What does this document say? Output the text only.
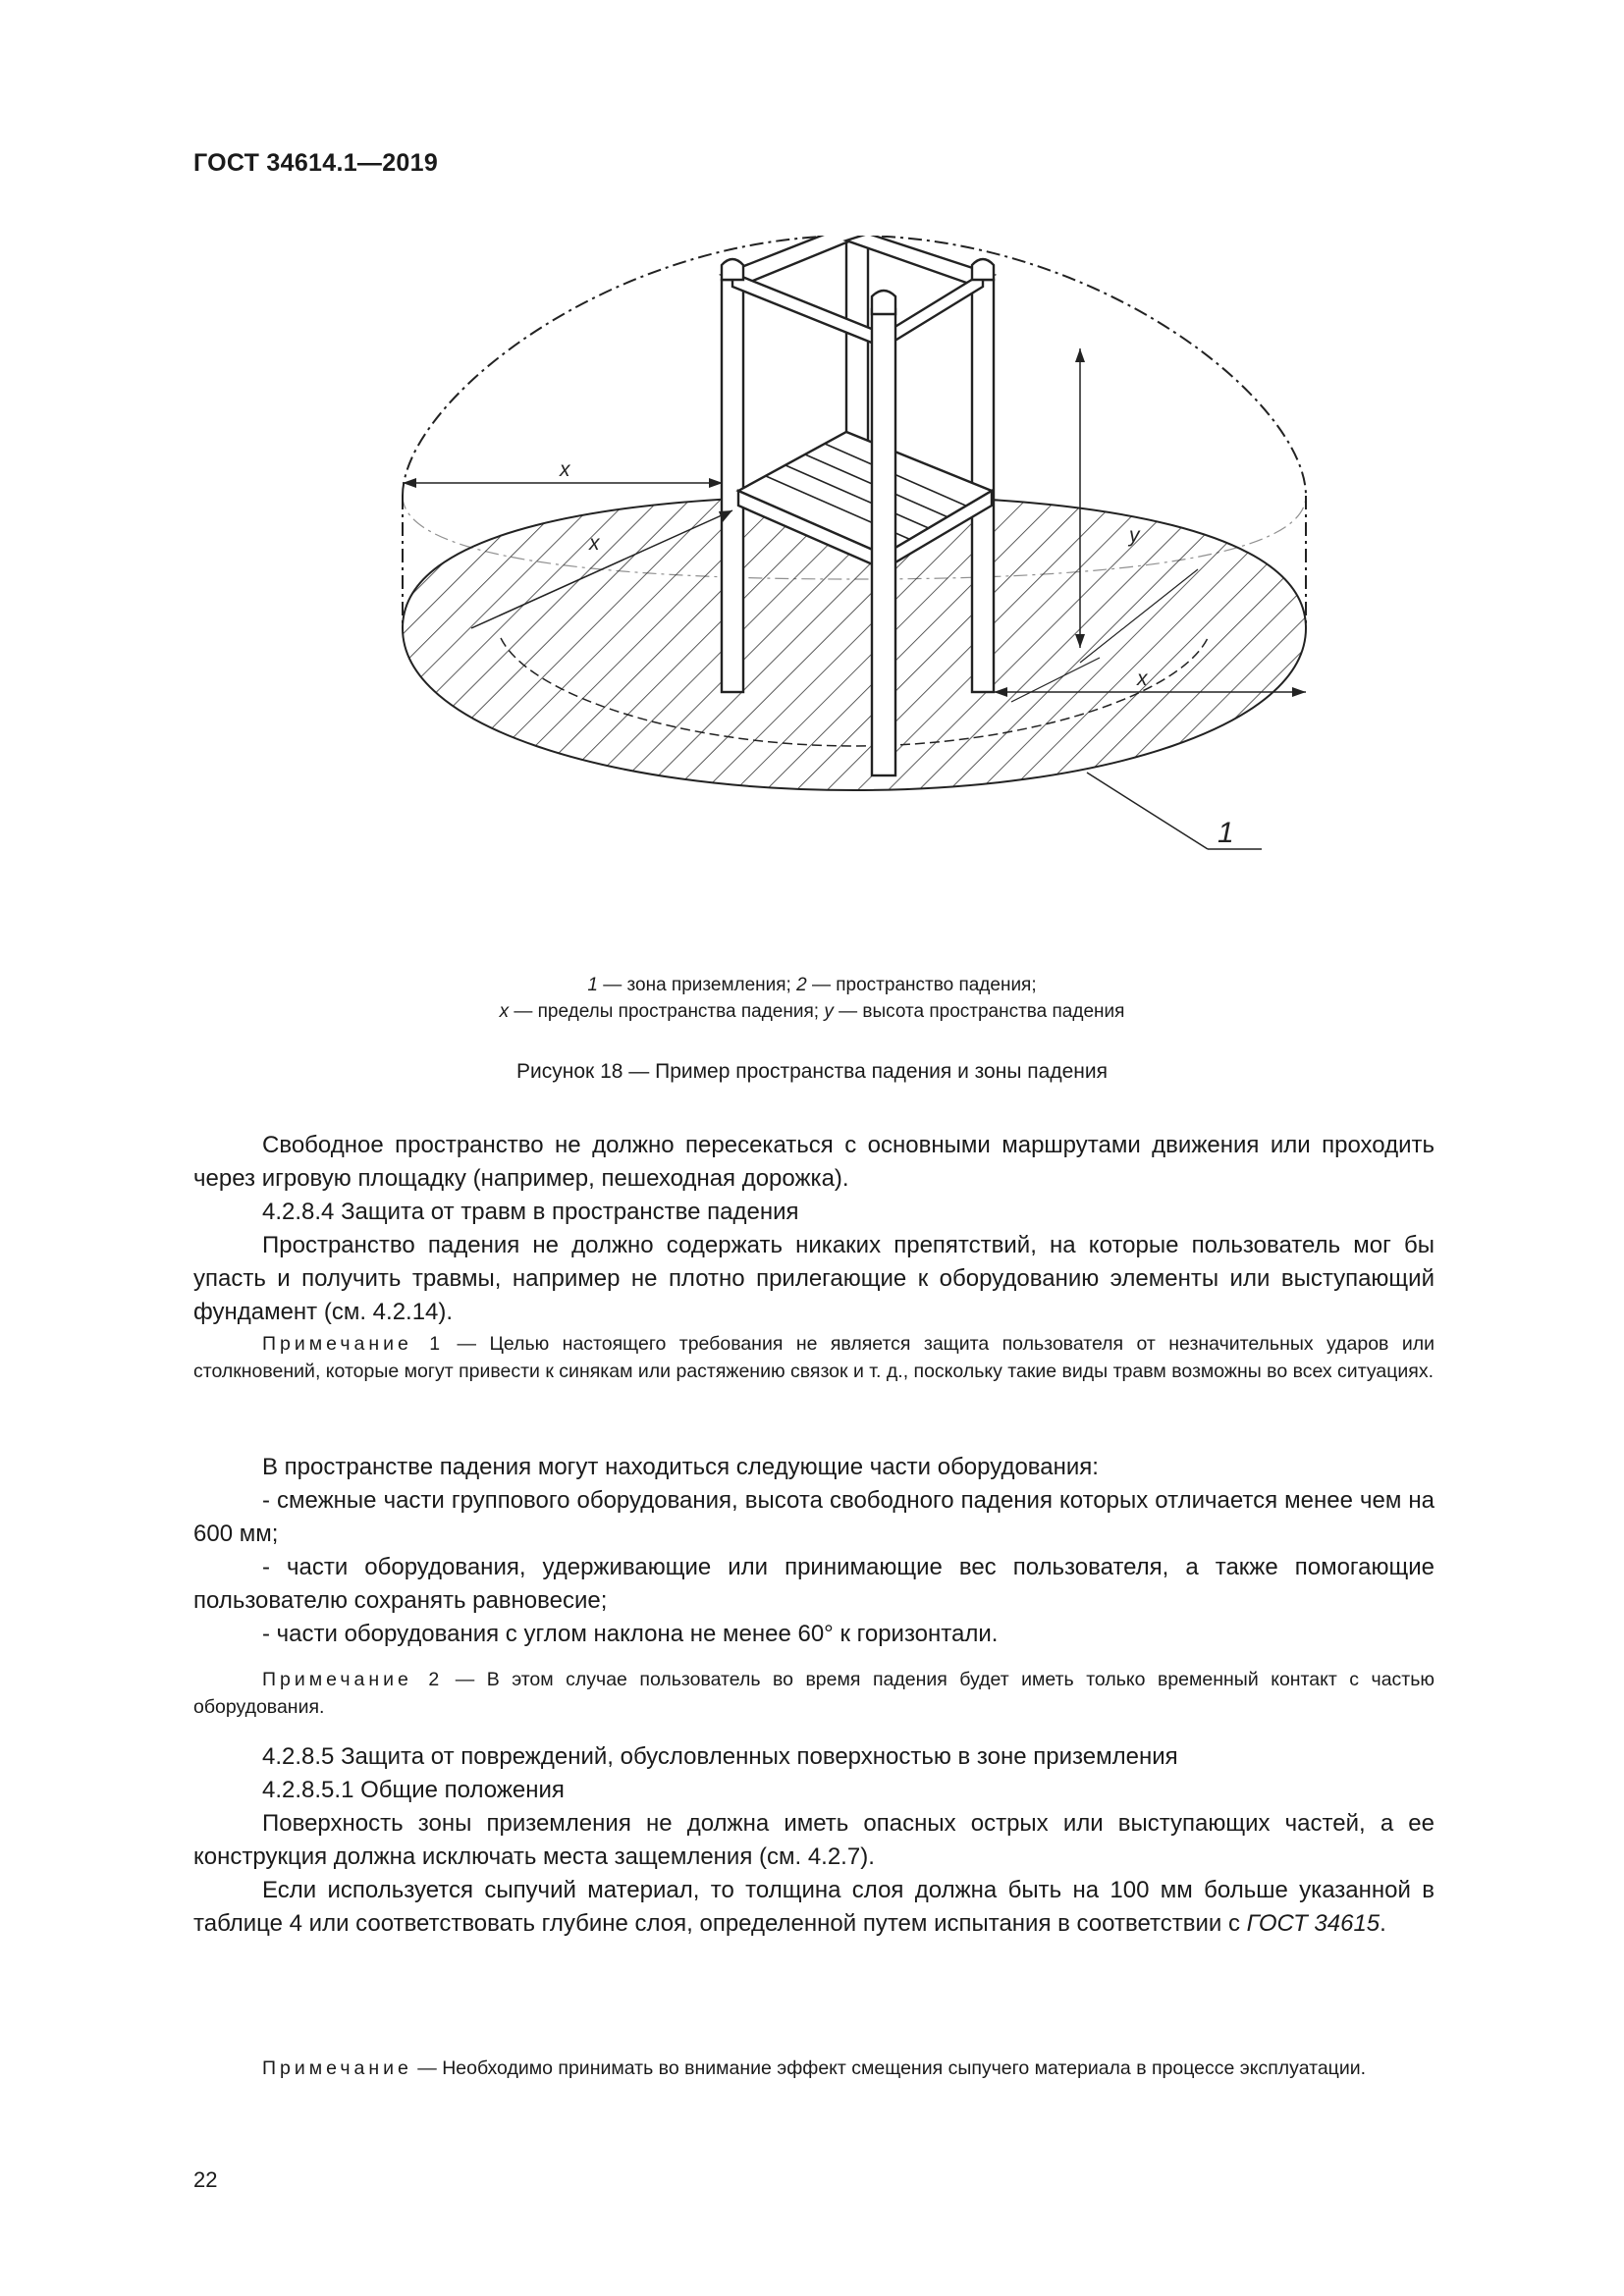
ГОСТ 34614.1—2019
x
x
x
y
1
1 — зона приземления; 2 — пространство падения;
x — пределы пространства падения; y — высота пространства падения
Рисунок 18 — Пример пространства падения и зоны падения

Свободное пространство не должно пересекаться с основными маршрутами движения или проходить через игровую площадку (например, пешеходная дорожка).

4.2.8.4 Защита от травм в пространстве падения

Пространство падения не должно содержать никаких препятствий, на которые пользователь мог бы упасть и получить травмы, например не плотно прилегающие к оборудованию элементы или выступающий фундамент (см. 4.2.14).

Примечание 1 — Целью настоящего требования не является защита пользователя от незначительных ударов или столкновений, которые могут привести к синякам или растяжению связок и т. д., поскольку такие виды травм возможны во всех ситуациях.

В пространстве падения могут находиться следующие части оборудования:

- смежные части группового оборудования, высота свободного падения которых отличается менее чем на 600 мм;

- части оборудования, удерживающие или принимающие вес пользователя, а также помогающие пользователю сохранять равновесие;

- части оборудования с углом наклона не менее 60° к горизонтали.

Примечание 2 — В этом случае пользователь во время падения будет иметь только временный контакт с частью оборудования.

4.2.8.5 Защита от повреждений, обусловленных поверхностью в зоне приземления

4.2.8.5.1 Общие положения

Поверхность зоны приземления не должна иметь опасных острых или выступающих частей, а ее конструкция должна исключать места защемления (см. 4.2.7).

Если используется сыпучий материал, то толщина слоя должна быть на 100 мм больше указанной в таблице 4 или соответствовать глубине слоя, определенной путем испытания в соответствии с ГОСТ 34615.

Примечание — Необходимо принимать во внимание эффект смещения сыпучего материала в процессе эксплуатации.

22
